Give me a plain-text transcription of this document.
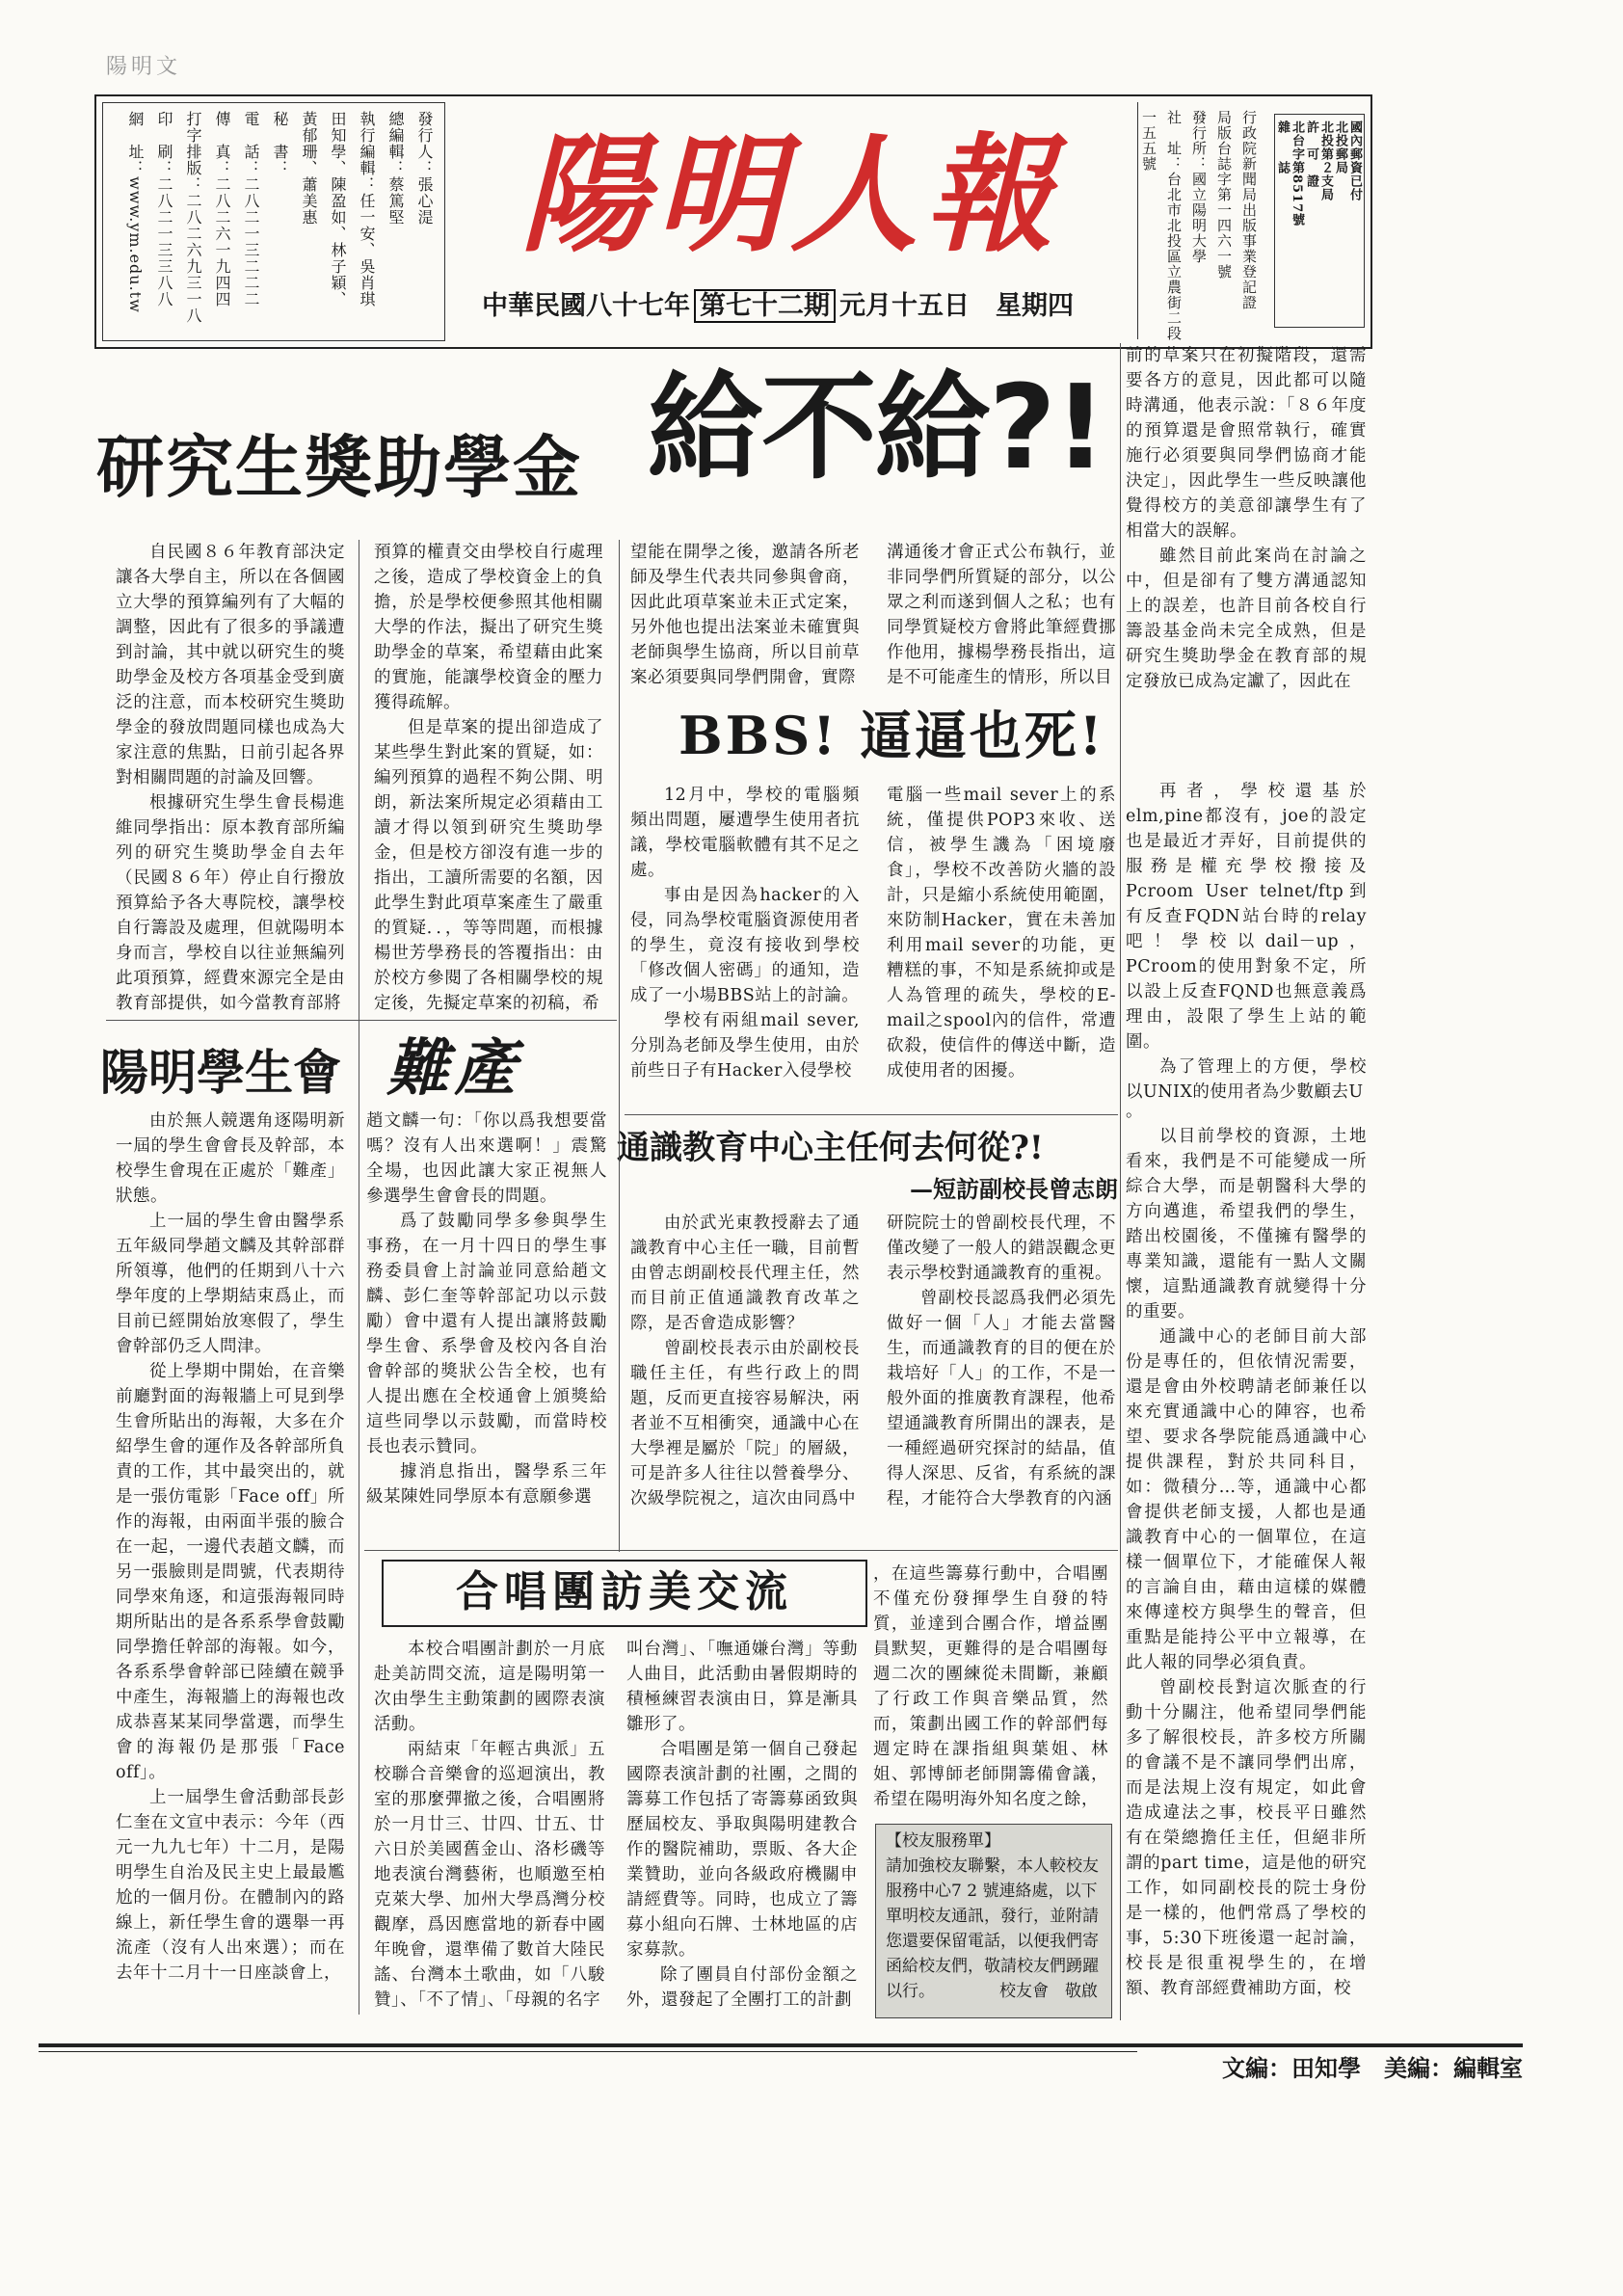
陽明文
發行人：張心湜
總編輯：蔡篤堅
執行編輯：任一安、吳肖琪
田知學、陳盈如、林子穎、
黃郁珊、蕭美惠
秘　書：
電　話：二八二一三二二二
傳　真：二八二六一九四四
打字排版：二八二六九三一八
印　刷：二八二一三三八八
網　址：www.ym.edu.tw	陽明人報
中華民國八十七年 第七十二期 元月十五日　星期四	行政院新聞局出版事業登記證
局版台誌字第一四六一號
發行所：國立陽明大學
社　址：台北市北投區立農街二段
一五五號	國內郵資已付
北投郵局
北投第２支局
許　可　證
北台字第8517號
雜　　誌
研究生獎助學金 給不給?!

自民國８６年教育部決定讓各大學自主，所以在各個國立大學的預算編列有了大幅的調整，因此有了很多的爭議遭到討論，其中就以研究生的獎助學金及校方各項基金受到廣泛的注意，而本校研究生獎助學金的發放問題同樣也成為大家注意的焦點，日前引起各界對相關問題的討論及回響。

根據研究生學生會長楊進維同學指出：原本教育部所編列的研究生獎助學金自去年（民國８６年）停止自行撥放預算給予各大專院校，讓學校自行籌設及處理，但就陽明本身而言，學校自以往並無編列此項預算，經費來源完全是由教育部提供，如今當教育部將

預算的權責交由學校自行處理之後，造成了學校資金上的負擔，於是學校便參照其他相關大學的作法，擬出了研究生獎助學金的草案，希望藉由此案的實施，能讓學校資金的壓力獲得疏解。

但是草案的提出卻造成了某些學生對此案的質疑，如：編列預算的過程不夠公開、明朗，新法案所規定必須藉由工讀才得以領到研究生獎助學金，但是校方卻沒有進一步的指出，工讀所需要的名額，因此學生對此項草案產生了嚴重的質疑．．，等等問題，而根據楊世芳學務長的答覆指出：由於校方參閱了各相關學校的規定後，先擬定草案的初稿，希

望能在開學之後，邀請各所老師及學生代表共同參與會商，因此此項草案並未正式定案，另外他也提出法案並未確實與老師與學生協商，所以目前草案必須要與同學們開會，實際

溝通後才會正式公布執行，並非同學們所質疑的部分，以公眾之利而遂到個人之私；也有同學質疑校方會將此筆經費挪作他用，據楊學務長指出，這是不可能產生的情形，所以目

前的草案只在初擬階段，還需要各方的意見，因此都可以隨時溝通，他表示說：「８６年度的預算還是會照常執行，確實施行必須要與同學們協商才能決定」，因此學生一些反映讓他覺得校方的美意卻讓學生有了相當大的誤解。

雖然目前此案尚在討論之中，但是卻有了雙方溝通認知上的誤差，也許目前各校自行籌設基金尚未完全成熟，但是研究生獎助學金在教育部的規定發放已成為定讞了，因此在

BBS! 逼逼也死!

12月中，學校的電腦頻頻出問題，屢遭學生使用者抗議，學校電腦軟體有其不足之處。

事由是因為hacker的入侵，同為學校電腦資源使用者的學生，竟沒有接收到學校「修改個人密碼」的通知，造成了一小場BBS站上的討論。

學校有兩組mail sever,分別為老師及學生使用，由於前些日子有Hacker入侵學校

電腦一些mail sever上的系統，僅提供POP3來收、送信，被學生譏為「困境廢食」，學校不改善防火牆的設計，只是縮小系統使用範圍，來防制Hacker，實在未善加利用mail sever的功能，更糟糕的事，不知是系統抑或是人為管理的疏失，學校的E-mail之spool內的信件，常遭砍殺，使信件的傳送中斷，造成使用者的困擾。

再者，學校還基於elm,pine都沒有，joe的設定也是最近才弄好，目前提供的服務是權充學校撥接及Pcroom User telnet/ftp到有反查FQDN站台時的relay吧！學校以dail－up，PCroom的使用對象不定，所以設上反查FQND也無意義爲理由，設限了學生上站的範圍。

為了管理上的方便，學校以UNIX的使用者為少數顧去U

陽明學生會 難產

由於無人競選角逐陽明新一屆的學生會會長及幹部，本校學生會現在正處於「難產」狀態。

上一屆的學生會由醫學系五年級同學趙文麟及其幹部群所領導，他們的任期到八十六學年度的上學期結束爲止，而目前已經開始放寒假了，學生會幹部仍乏人問津。

從上學期中開始，在音樂前廳對面的海報牆上可見到學生會所貼出的海報，大多在介紹學生會的運作及各幹部所負責的工作，其中最突出的，就是一張仿電影「Face off」所作的海報，由兩面半張的臉合在一起，一邊代表趙文麟，而另一張臉則是問號，代表期待同學來角逐，和這張海報同時期所貼出的是各系系學會鼓勵同學擔任幹部的海報。如今，各系系學會幹部已陸續在競爭中產生，海報牆上的海報也改成恭喜某某同學當選，而學生會的海報仍是那張「Face off」。

上一屆學生會活動部長彭仁奎在文宣中表示：今年（西元一九九七年）十二月，是陽明學生自治及民主史上最最尷尬的一個月份。在體制內的路線上，新任學生會的選舉一再流產（沒有人出來選）；而在去年十二月十一日座談會上，

趙文麟一句：「你以爲我想要當嗎？沒有人出來選啊！」震驚全場，也因此讓大家正視無人參選學生會會長的問題。

爲了鼓勵同學多參與學生事務，在一月十四日的學生事務委員會上討論並同意給趙文麟、彭仁奎等幹部記功以示鼓勵）會中還有人提出讓將鼓勵學生會、系學會及校內各自治會幹部的獎狀公告全校，也有人提出應在全校通會上頒獎給這些同學以示鼓勵，而當時校長也表示贊同。

據消息指出，醫學系三年級某陳姓同學原本有意願參選

通識教育中心主任何去何從?!
—短訪副校長曾志朗

由於武光東教授辭去了通識教育中心主任一職，目前暫由曾志朗副校長代理主任，然而目前正值通識教育改革之際，是否會造成影響？

曾副校長表示由於副校長職任主任，有些行政上的問題，反而更直接容易解決，兩者並不互相衝突，通識中心在大學裡是屬於「院」的層級，可是許多人往往以營養學分、次級學院視之，這次由同爲中

研院院士的曾副校長代理，不僅改變了一般人的錯誤觀念更表示學校對通識教育的重視。

曾副校長認爲我們必須先做好一個「人」才能去當醫生，而通識教育的目的便在於栽培好「人」的工作，不是一般外面的推廣教育課程，他希望通識教育所開出的課表，是一種經過研究探討的結晶，值得人深思、反省，有系統的課程，才能符合大學教育的內涵

。

以目前學校的資源，土地看來，我們是不可能變成一所綜合大學，而是朝醫科大學的方向邁進，希望我們的學生，踏出校園後，不僅擁有醫學的專業知識，還能有一點人文關懷，這點通識教育就變得十分的重要。

通識中心的老師目前大部份是專任的，但依情況需要，還是會由外校聘請老師兼任以來充實通識中心的陣容，也希望、要求各學院能爲通識中心提供課程，對於共同科目，如：微積分…等，通識中心都會提供老師支援，人都也是通識教育中心的一個單位，在這樣一個單位下，才能確保人報的言論自由，藉由這樣的媒體來傳達校方與學生的聲音，但重點是能持公平中立報導，在此人報的同學必須負責。

曾副校長對這次脈查的行動十分關注，他希望同學們能多了解很校長，許多校方所關的會議不是不讓同學們出席，而是法規上沒有規定，如此會造成違法之事，校長平日雖然有在榮總擔任主任，但絕非所謂的part time，這是他的研究工作，如同副校長的院士身份是一樣的，他們常爲了學校的事，5:30下班後還一起討論，校長是很重視學生的，在增額、教育部經費補助方面，校

合唱團訪美交流

本校合唱團計劃於一月底赴美訪問交流，這是陽明第一次由學生主動策劃的國際表演活動。

兩結束「年輕古典派」五校聯合音樂會的巡迴演出，教室的那麼彈撤之後，合唱團將於一月廿三、廿四、廿五、廿六日於美國舊金山、洛杉磯等地表演台灣藝術，也順邀至柏克萊大學、加州大學爲灣分校觀摩，爲因應當地的新春中國年晚會，還準備了數首大陸民謠、台灣本土歌曲，如「八駿贊」、「不了情」、「母親的名字

叫台灣」、「嘸通嫌台灣」等動人曲目，此活動由暑假期時的積極練習表演由日，算是漸具雛形了。

合唱團是第一個自己發起國際表演計劃的社團，之間的籌募工作包括了寄籌募函致與歷屆校友、爭取與陽明建教合作的醫院補助，票販、各大企業贊助，並向各級政府機關申請經費等。同時，也成立了籌募小組向石牌、士林地區的店家募款。

除了團員自付部份金額之外，還發起了全團打工的計劃

，在這些籌募行動中，合唱團不僅充份發揮學生自發的特質，並達到合團合作，增益團員默契，更難得的是合唱團每週二次的團練從未間斷，兼顧了行政工作與音樂品質，然而，策劃出國工作的幹部們每週定時在課指組與葉姐、林姐、郭博師老師開籌備會議，希望在陽明海外知名度之餘，

【校友服務單】
請加強校友聯繫，本人較校友服務中心7 2 號連絡處，以下單明校友通訊，發行，並附請您還要保留電話，以便我們寄函給校友們，敬請校友們踴躍以行。	校友會　敬啟
文編：田知學　美編：編輯室
